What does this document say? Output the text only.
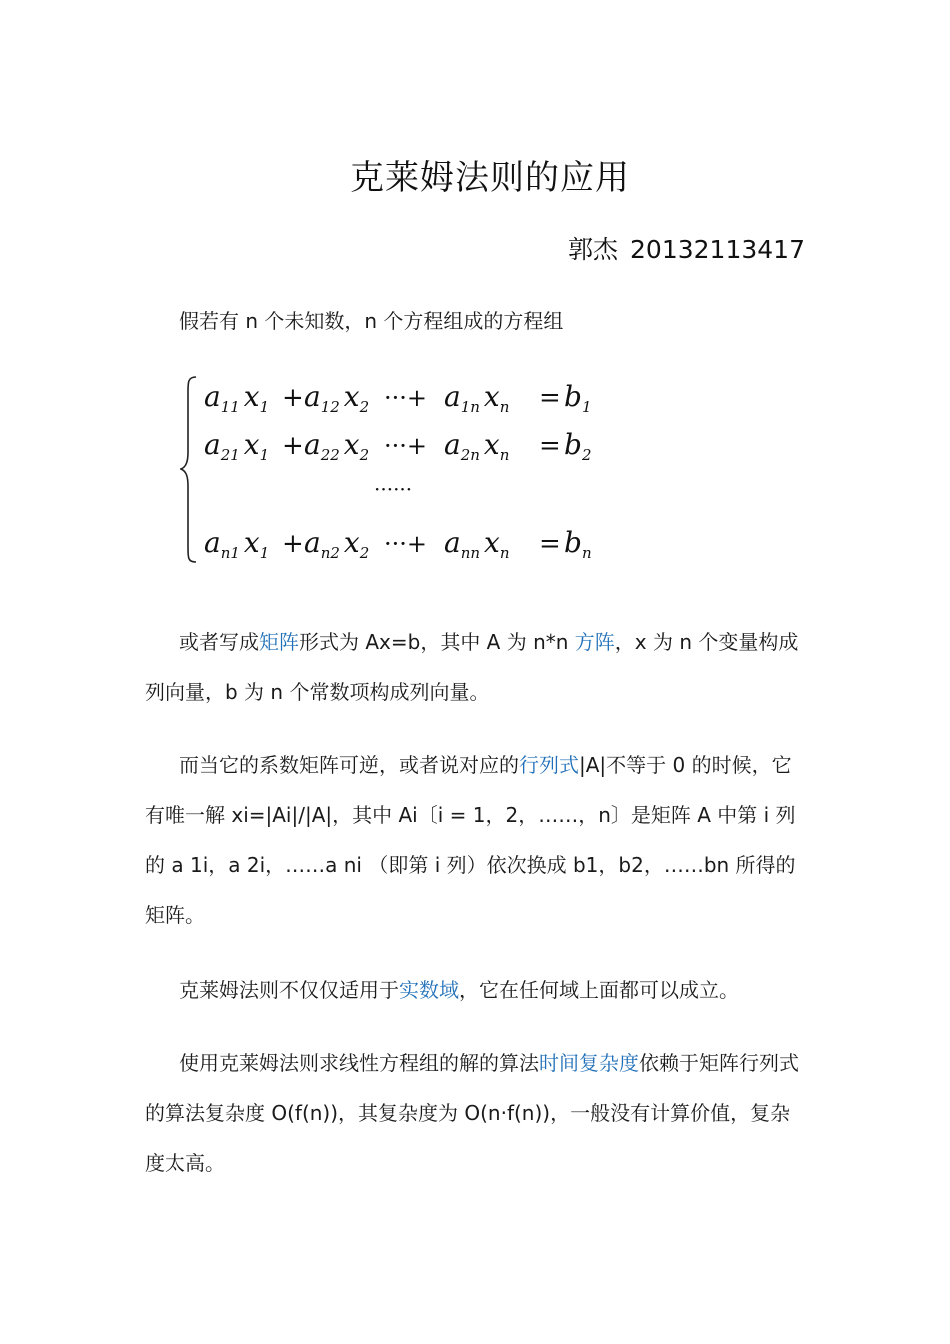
克莱姆法则的应用
郭杰 20132113417

假若有 n 个未知数，n 个方程组成的方程组

$a_{11}$ $x_1 + a_{12}$ $x_2$ ···+ $a_{1n}$ $x_n = b_1$
$a_{21}$ $x_1 + a_{22}$ $x_2$ ···+ $a_{2n}$ $x_n = b_2$
······
$a_{n1}$ $x_1 + a_{n2}$ $x_2$ ···+ $a_{nn}$ $x_n = b_n$

或者写成矩阵形式为 Ax=b，其中 A 为 n*n 方阵，x 为 n 个变量构成列向量，b 为 n 个常数项构成列向量。

而当它的系数矩阵可逆，或者说对应的行列式|A|不等于 0 的时候，它有唯一解 xi=|Ai|/|A|，其中 Ai〔i = 1，2，……，n〕是矩阵 A 中第 i 列的 a 1i，a 2i，……a ni （即第 i 列）依次换成 b1，b2，……bn 所得的矩阵。

克莱姆法则不仅仅适用于实数域，它在任何域上面都可以成立。

使用克莱姆法则求线性方程组的解的算法时间复杂度依赖于矩阵行列式的算法复杂度 O(f(n))，其复杂度为 O(n·f(n))，一般没有计算价值，复杂度太高。
